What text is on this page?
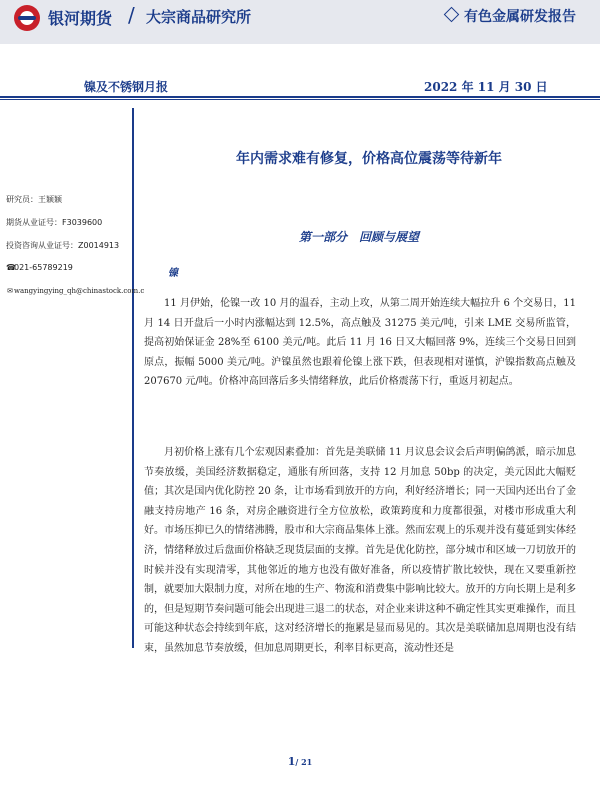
银河期货 / 大宗商品研究所	有色金属研发报告
镍及不锈钢月报	2022 年 11 月 30 日
研究员：王颖颖
期货从业证号：F3039600
投资咨询从业证号：Z0014913
☎021-65789219
✉wangyingying_qh@chinastock.com.c
年内需求难有修复，价格高位震荡等待新年
第一部分　回顾与展望
镍

11 月伊始，伦镍一改 10 月的温吞，主动上攻，从第二周开始连续大幅拉升 6 个交易日，11 月 14 日开盘后一小时内涨幅达到 12.5%，高点触及 31275 美元/吨，引来 LME 交易所监管，提高初始保证金 28%至 6100 美元/吨。此后 11 月 16 日又大幅回落 9%，连续三个交易日回到原点，振幅 5000 美元/吨。沪镍虽然也跟着伦镍上涨下跌，但表现相对谨慎，沪镍指数高点触及 207670 元/吨。价格冲高回落后多头情绪释放，此后价格震荡下行，重返月初起点。

月初价格上涨有几个宏观因素叠加：首先是美联储 11 月议息会议会后声明偏鸽派，暗示加息节奏放缓，美国经济数据稳定，通胀有所回落，支持 12 月加息 50bp 的决定，美元因此大幅贬值；其次是国内优化防控 20 条，让市场看到放开的方向，利好经济增长；同一天国内还出台了金融支持房地产 16 条，对房企融资进行全方位放松，政策跨度和力度都很强，对楼市形成重大利好。市场压抑已久的情绪沸腾，股市和大宗商品集体上涨。然而宏观上的乐观并没有蔓延到实体经济，情绪释放过后盘面价格缺乏现货层面的支撑。首先是优化防控，部分城市和区域一刀切放开的时候并没有实现清零，其他邻近的地方也没有做好准备，所以疫情扩散比较快，现在又要重新控制，就要加大限制力度，对所在地的生产、物流和消费集中影响比较大。放开的方向长期上是利多的，但是短期节奏问题可能会出现进三退二的状态，对企业来讲这种不确定性其实更难操作，而且可能这种状态会持续到年底，这对经济增长的拖累是显而易见的。其次是美联储加息周期也没有结束，虽然加息节奏放缓，但加息周期更长，利率目标更高，流动性还是

1/ 21
